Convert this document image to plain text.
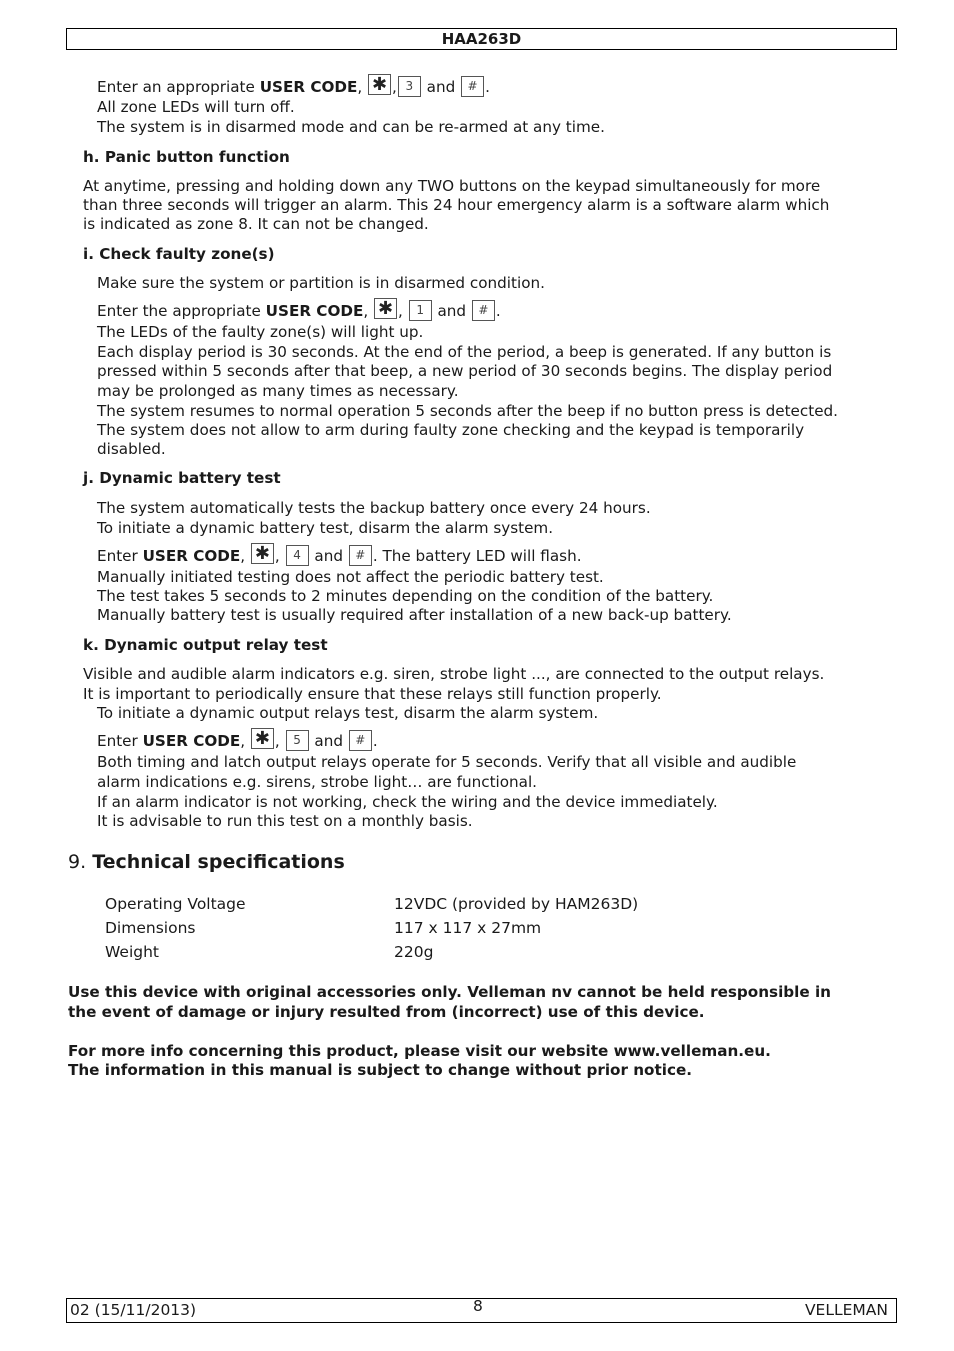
HAA263D
Enter an appropriate USER CODE, ✱ , 3 and # .
All zone LEDs will turn off.
The system is in disarmed mode and can be re-armed at any time.
h. Panic button function
At anytime, pressing and holding down any TWO buttons on the keypad simultaneously for more
than three seconds will trigger an alarm. This 24 hour emergency alarm is a software alarm which
is indicated as zone 8. It can not be changed.
i. Check faulty zone(s)
Make sure the system or partition is in disarmed condition.
Enter the appropriate USER CODE, ✱ , 1 and # .
The LEDs of the faulty zone(s) will light up.
Each display period is 30 seconds. At the end of the period, a beep is generated. If any button is
pressed within 5 seconds after that beep, a new period of 30 seconds begins. The display period
may be prolonged as many times as necessary.
The system resumes to normal operation 5 seconds after the beep if no button press is detected.
The system does not allow to arm during faulty zone checking and the keypad is temporarily
disabled.
j. Dynamic battery test
The system automatically tests the backup battery once every 24 hours.
To initiate a dynamic battery test, disarm the alarm system.
Enter USER CODE, ✱ , 4 and # . The battery LED will flash.
Manually initiated testing does not affect the periodic battery test.
The test takes 5 seconds to 2 minutes depending on the condition of the battery.
Manually battery test is usually required after installation of a new back-up battery.
k. Dynamic output relay test
Visible and audible alarm indicators e.g. siren, strobe light ..., are connected to the output relays.
It is important to periodically ensure that these relays still function properly.
To initiate a dynamic output relays test, disarm the alarm system.
Enter USER CODE, ✱ , 5 and # .
Both timing and latch output relays operate for 5 seconds. Verify that all visible and audible
alarm indications e.g. sirens, strobe light… are functional.
If an alarm indicator is not working, check the wiring and the device immediately.
It is advisable to run this test on a monthly basis.
9. Technical specifications
Operating Voltage	12VDC (provided by HAM263D)
Dimensions	117 x 117 x 27mm
Weight	220g
Use this device with original accessories only. Velleman nv cannot be held responsible in
the event of damage or injury resulted from (incorrect) use of this device.
For more info concerning this product, please visit our website www.velleman.eu.
The information in this manual is subject to change without prior notice.
02 (15/11/2013)	8	VELLEMAN
